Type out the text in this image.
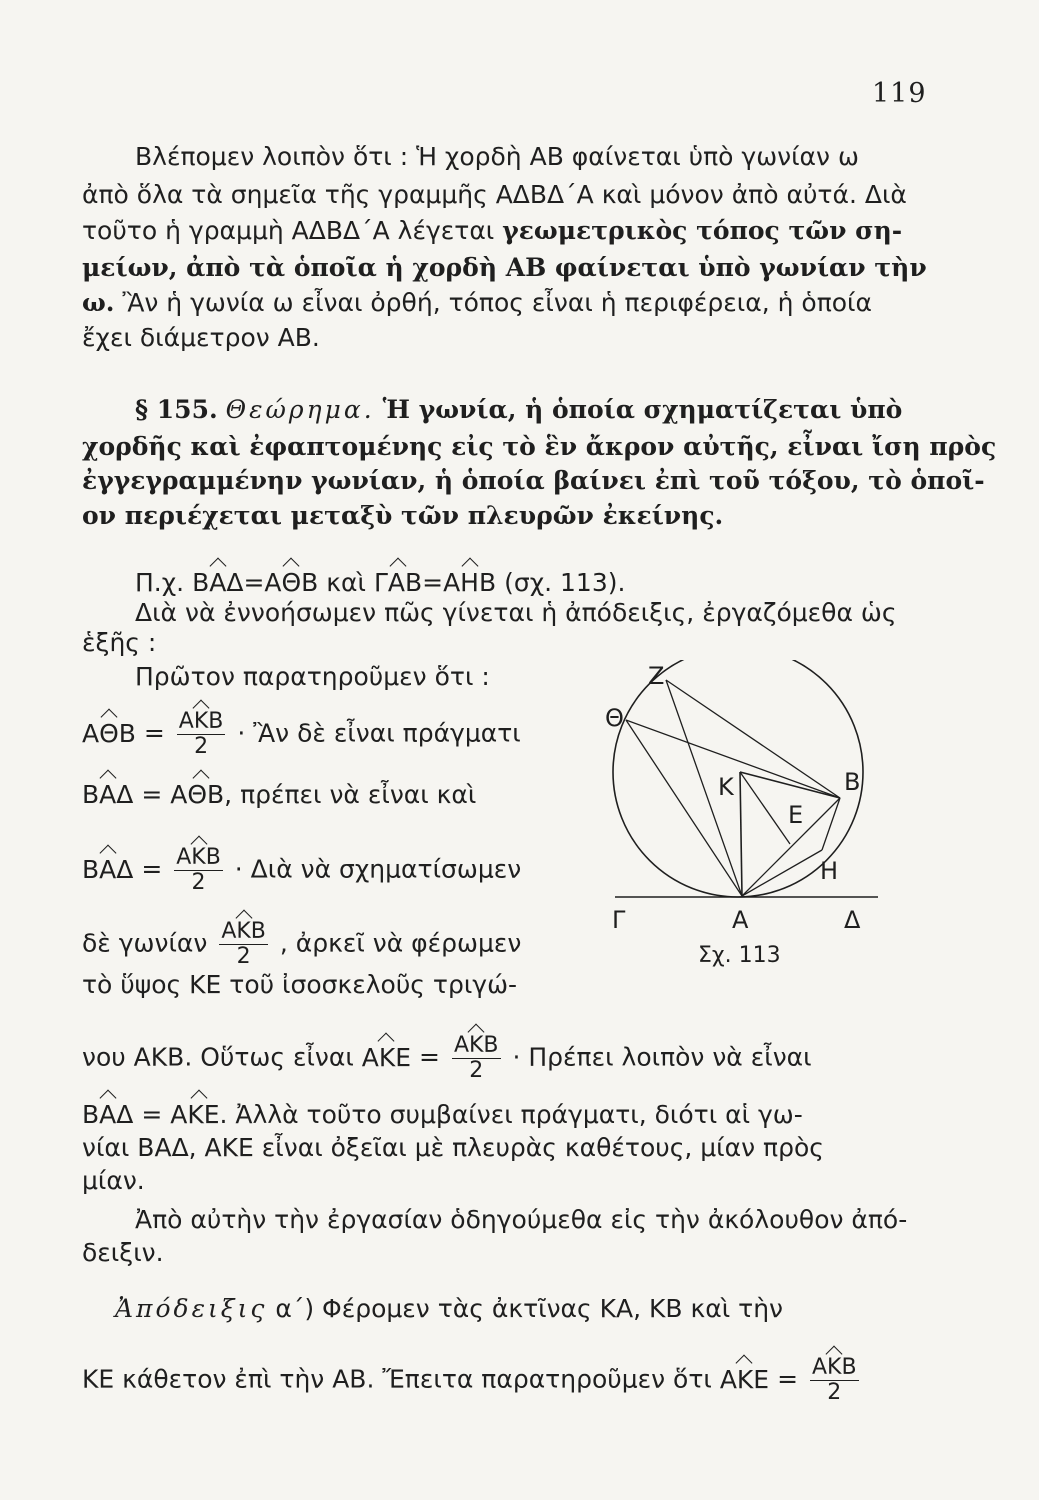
119
Βλέπομεν λοιπὸν ὅτι : Ἡ χορδὴ AB φαίνεται ὑπὸ γωνίαν ω
ἀπὸ ὅλα τὰ σημεῖα τῆς γραμμῆς ΑΔΒΔ΄Α καὶ μόνον ἀπὸ αὐτά. Διὰ
τοῦτο ἡ γραμμὴ ΑΔΒΔ΄Α λέγεται γεωμετρικὸς τόπος τῶν ση-
μείων, ἀπὸ τὰ ὁποῖα ἡ χορδὴ AB φαίνεται ὑπὸ γωνίαν τὴν
ω. Ἂν ἡ γωνία ω εἶναι ὀρθή, τόπος εἶναι ἡ περιφέρεια, ἡ ὁποία
ἔχει διάμετρον AB.
§ 155. Θεώρημα. Ἡ γωνία, ἡ ὁποία σχηματίζεται ὑπὸ
χορδῆς καὶ ἐφαπτομένης εἰς τὸ ἓν ἄκρον αὐτῆς, εἶναι ἴση πρὸς
ἐγγεγραμμένην γωνίαν, ἡ ὁποία βαίνει ἐπὶ τοῦ τόξου, τὸ ὁποῖ-
ον περιέχεται μεταξὺ τῶν πλευρῶν ἐκείνης.
Π.χ. ΒΑΔ=ΑΘΒ καὶ ΓΑΒ=ΑΗΒ (σχ. 113).
Διὰ νὰ ἐννοήσωμεν πῶς γίνεται ἡ ἀπόδειξις, ἐργαζόμεθα ὡς
ἑξῆς :
Πρῶτον παρατηροῦμεν ὅτι :
ΑΘΒ = ΑΚΒ
2 · Ἂν δὲ εἶναι πράγματι
ΒΑΔ = ΑΘΒ, πρέπει νὰ εἶναι καὶ
ΒΑΔ = ΑΚΒ
2 · Διὰ νὰ σχηματίσωμεν
δὲ γωνίαν ΑΚΒ
2 , ἀρκεῖ νὰ φέρωμεν
τὸ ὕψος ΚΕ τοῦ ἰσοσκελοῦς τριγώ-
νου ΑΚΒ. Οὕτως εἶναι ΑΚΕ = ΑΚΒ
2 · Πρέπει λοιπὸν νὰ εἶναι
ΒΑΔ = ΑΚΕ. Ἀλλὰ τοῦτο συμβαίνει πράγματι, διότι αἱ γω-
νίαι ΒΑΔ, ΑΚΕ εἶναι ὀξεῖαι μὲ πλευρὰς καθέτους, μίαν πρὸς
μίαν.
Ἀπὸ αὐτὴν τὴν ἐργασίαν ὁδηγούμεθα εἰς τὴν ἀκόλουθον ἀπό-
δειξιν.
Ἀπόδειξις α΄) Φέρομεν τὰς ἀκτῖνας ΚΑ, ΚΒ καὶ τὴν
ΚΕ κάθετον ἐπὶ τὴν AB. Ἔπειτα παρατηροῦμεν ὅτι ΑΚΕ = ΑΚΒ
2
Z
Θ
K	B
E
H
Γ	A	Δ
Σχ. 113
